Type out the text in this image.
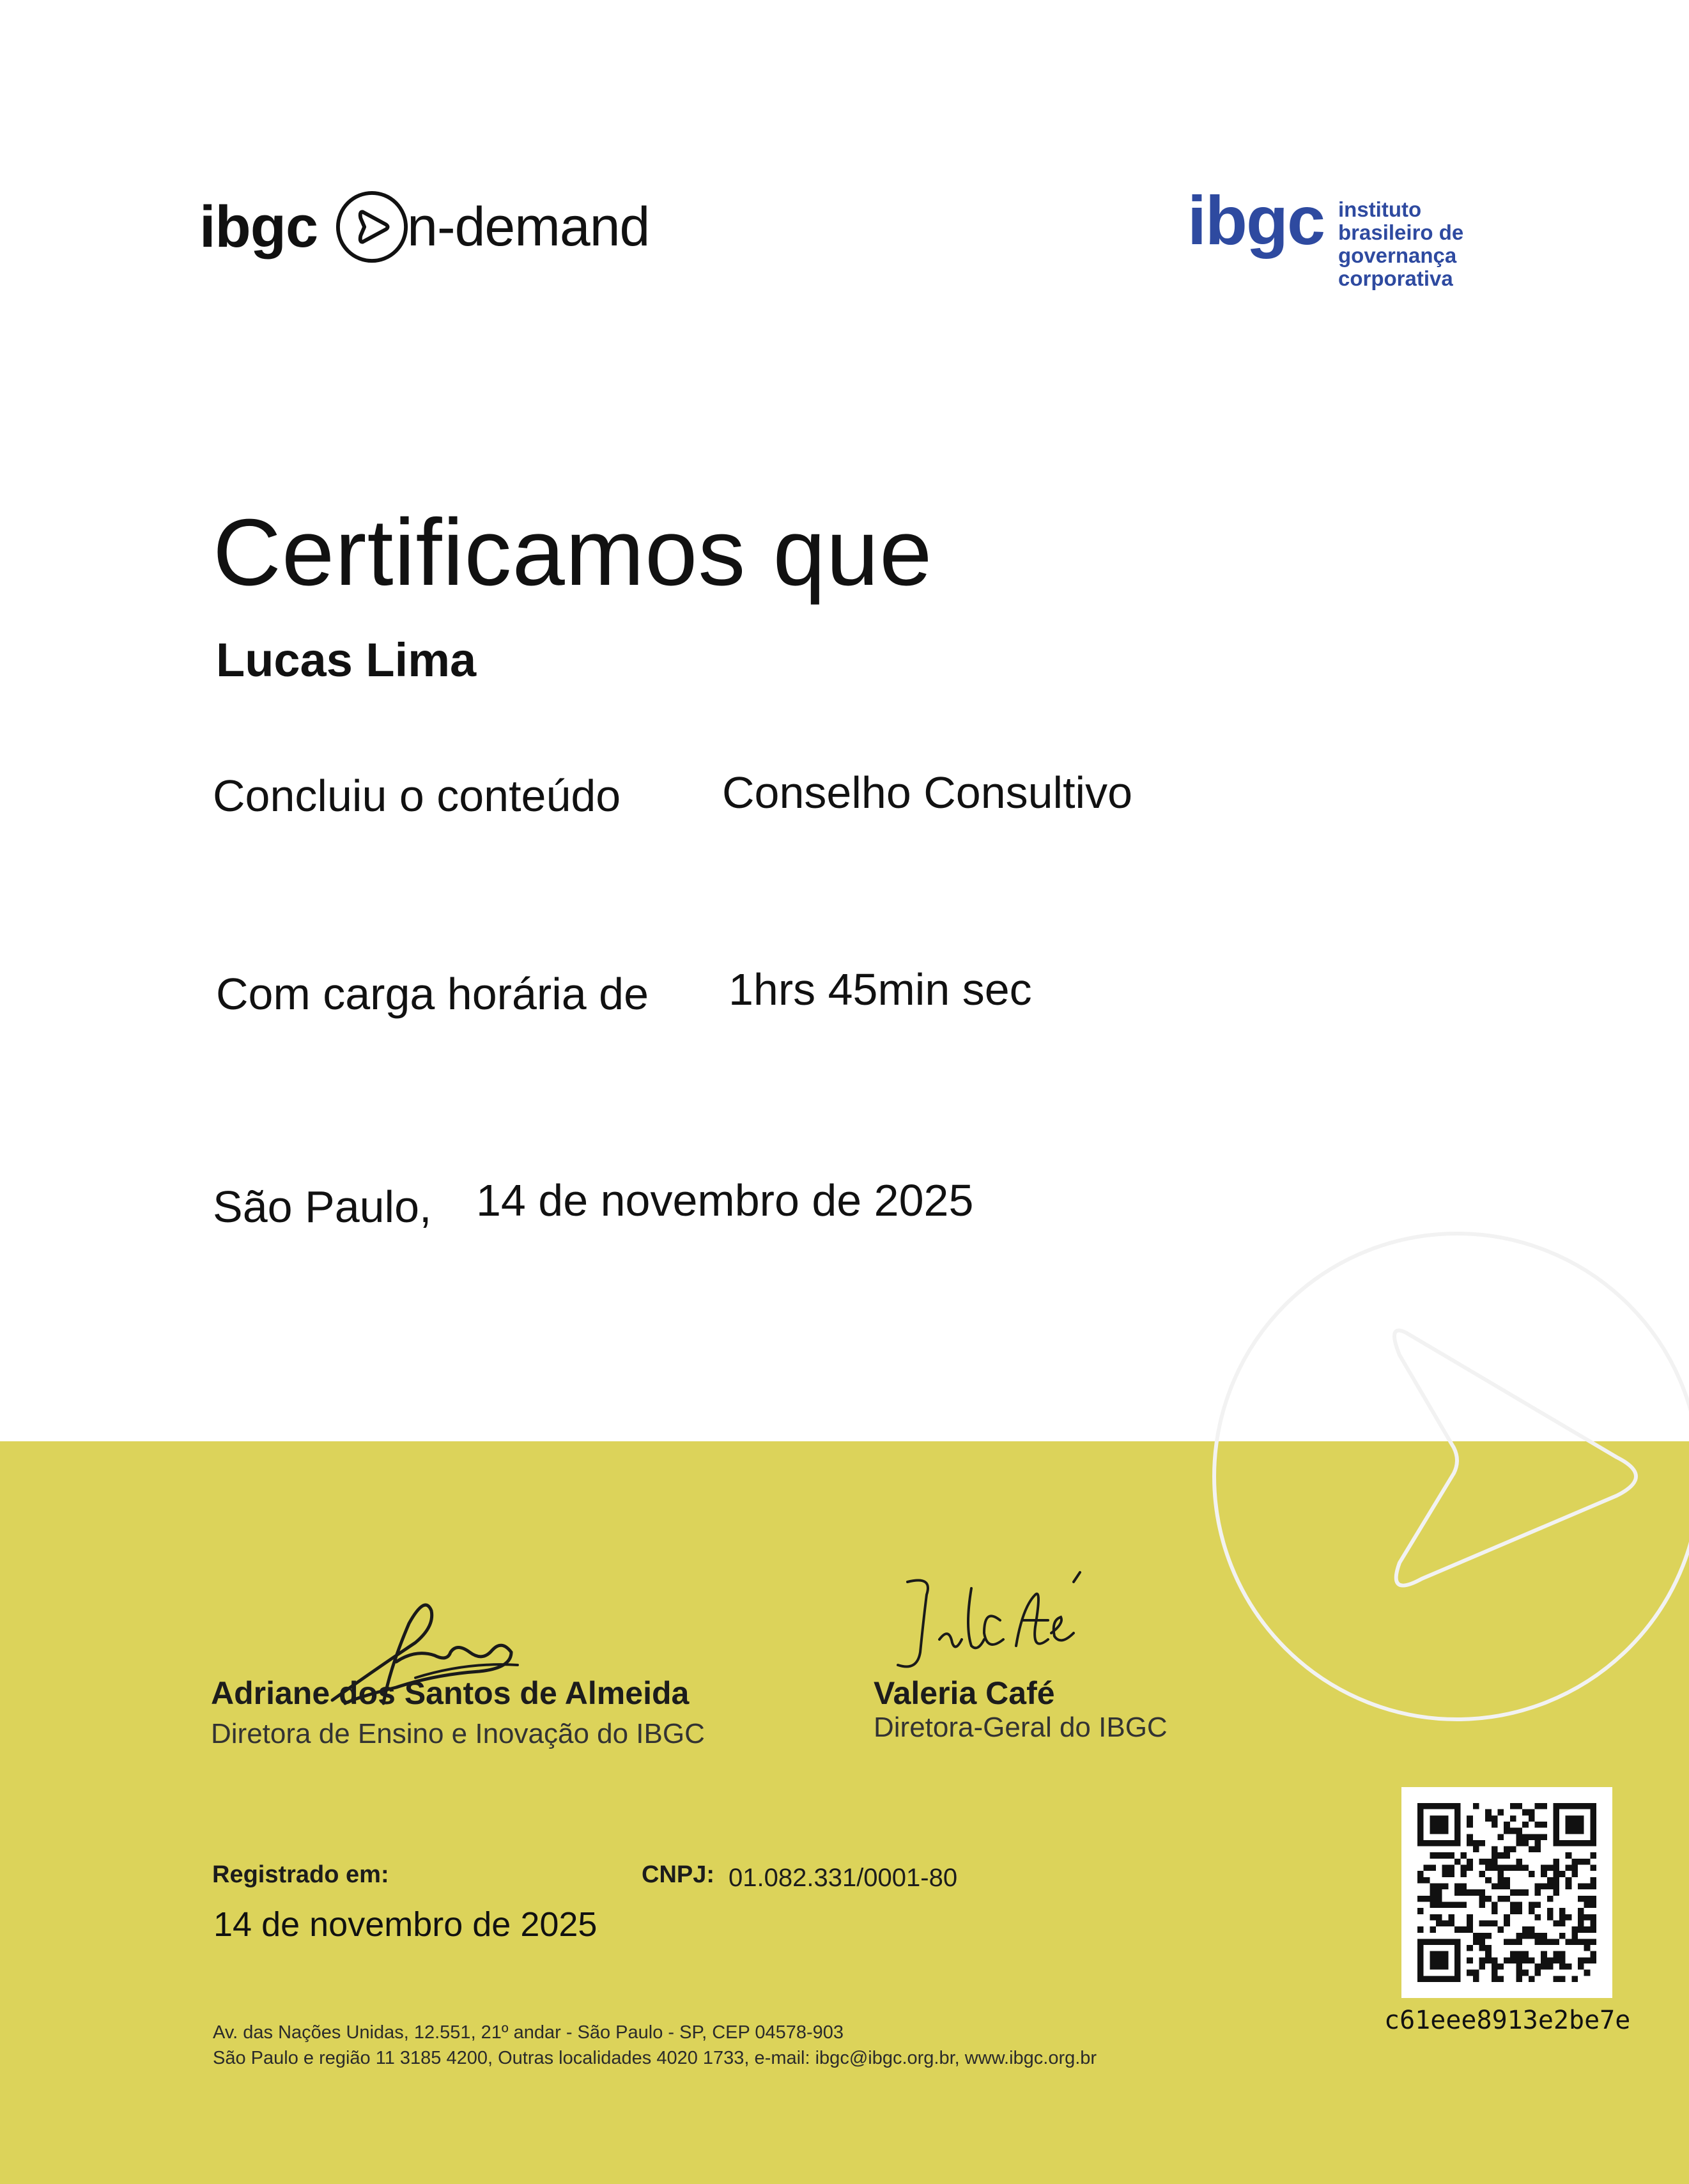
ibgc n-demand	ibgc instituto
brasileiro de
governança
corporativa
Certificamos que
Lucas Lima
Concluiu o conteúdo Conselho Consultivo
Com carga horária de 1hrs 45min sec
São Paulo, 14 de novembro de 2025
Adriane dos Santos de Almeida
Diretora de Ensino e Inovação do IBGC
Valeria Café
Diretora-Geral do IBGC
Registrado em:
14 de novembro de 2025
CNPJ: 01.082.331/0001-80
Av. das Nações Unidas, 12.551, 21º andar - São Paulo - SP, CEP 04578-903
São Paulo e região 11 3185 4200, Outras localidades 4020 1733, e-mail: ibgc@ibgc.org.br, www.ibgc.org.br
c61eee8913e2be7e
